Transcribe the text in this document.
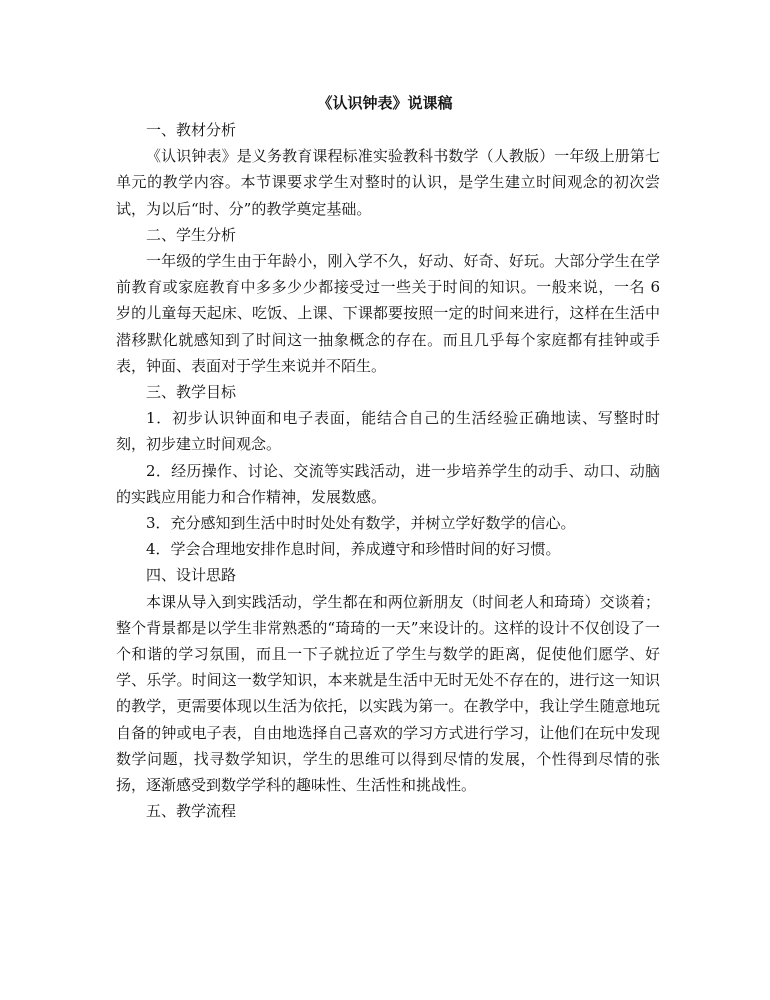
《认识钟表》说课稿

一、教材分析

《认识钟表》是义务教育课程标准实验教科书数学（人教版）一年级上册第七单元的教学内容。本节课要求学生对整时的认识，是学生建立时间观念的初次尝试，为以后“时、分”的教学奠定基础。

二、学生分析

一年级的学生由于年龄小，刚入学不久，好动、好奇、好玩。大部分学生在学前教育或家庭教育中多多少少都接受过一些关于时间的知识。一般来说，一名 6 岁的儿童每天起床、吃饭、上课、下课都要按照一定的时间来进行，这样在生活中潜移默化就感知到了时间这一抽象概念的存在。而且几乎每个家庭都有挂钟或手表，钟面、表面对于学生来说并不陌生。

三、教学目标

1．初步认识钟面和电子表面，能结合自己的生活经验正确地读、写整时时刻，初步建立时间观念。

2．经历操作、讨论、交流等实践活动，进一步培养学生的动手、动口、动脑的实践应用能力和合作精神，发展数感。

3．充分感知到生活中时时处处有数学，并树立学好数学的信心。

4．学会合理地安排作息时间，养成遵守和珍惜时间的好习惯。

四、设计思路

本课从导入到实践活动，学生都在和两位新朋友（时间老人和琦琦）交谈着；整个背景都是以学生非常熟悉的“琦琦的一天”来设计的。这样的设计不仅创设了一个和谐的学习氛围，而且一下子就拉近了学生与数学的距离，促使他们愿学、好学、乐学。时间这一数学知识，本来就是生活中无时无处不存在的，进行这一知识的教学，更需要体现以生活为依托，以实践为第一。在教学中，我让学生随意地玩自备的钟或电子表，自由地选择自己喜欢的学习方式进行学习，让他们在玩中发现数学问题，找寻数学知识，学生的思维可以得到尽情的发展，个性得到尽情的张扬，逐渐感受到数学学科的趣味性、生活性和挑战性。

五、教学流程
